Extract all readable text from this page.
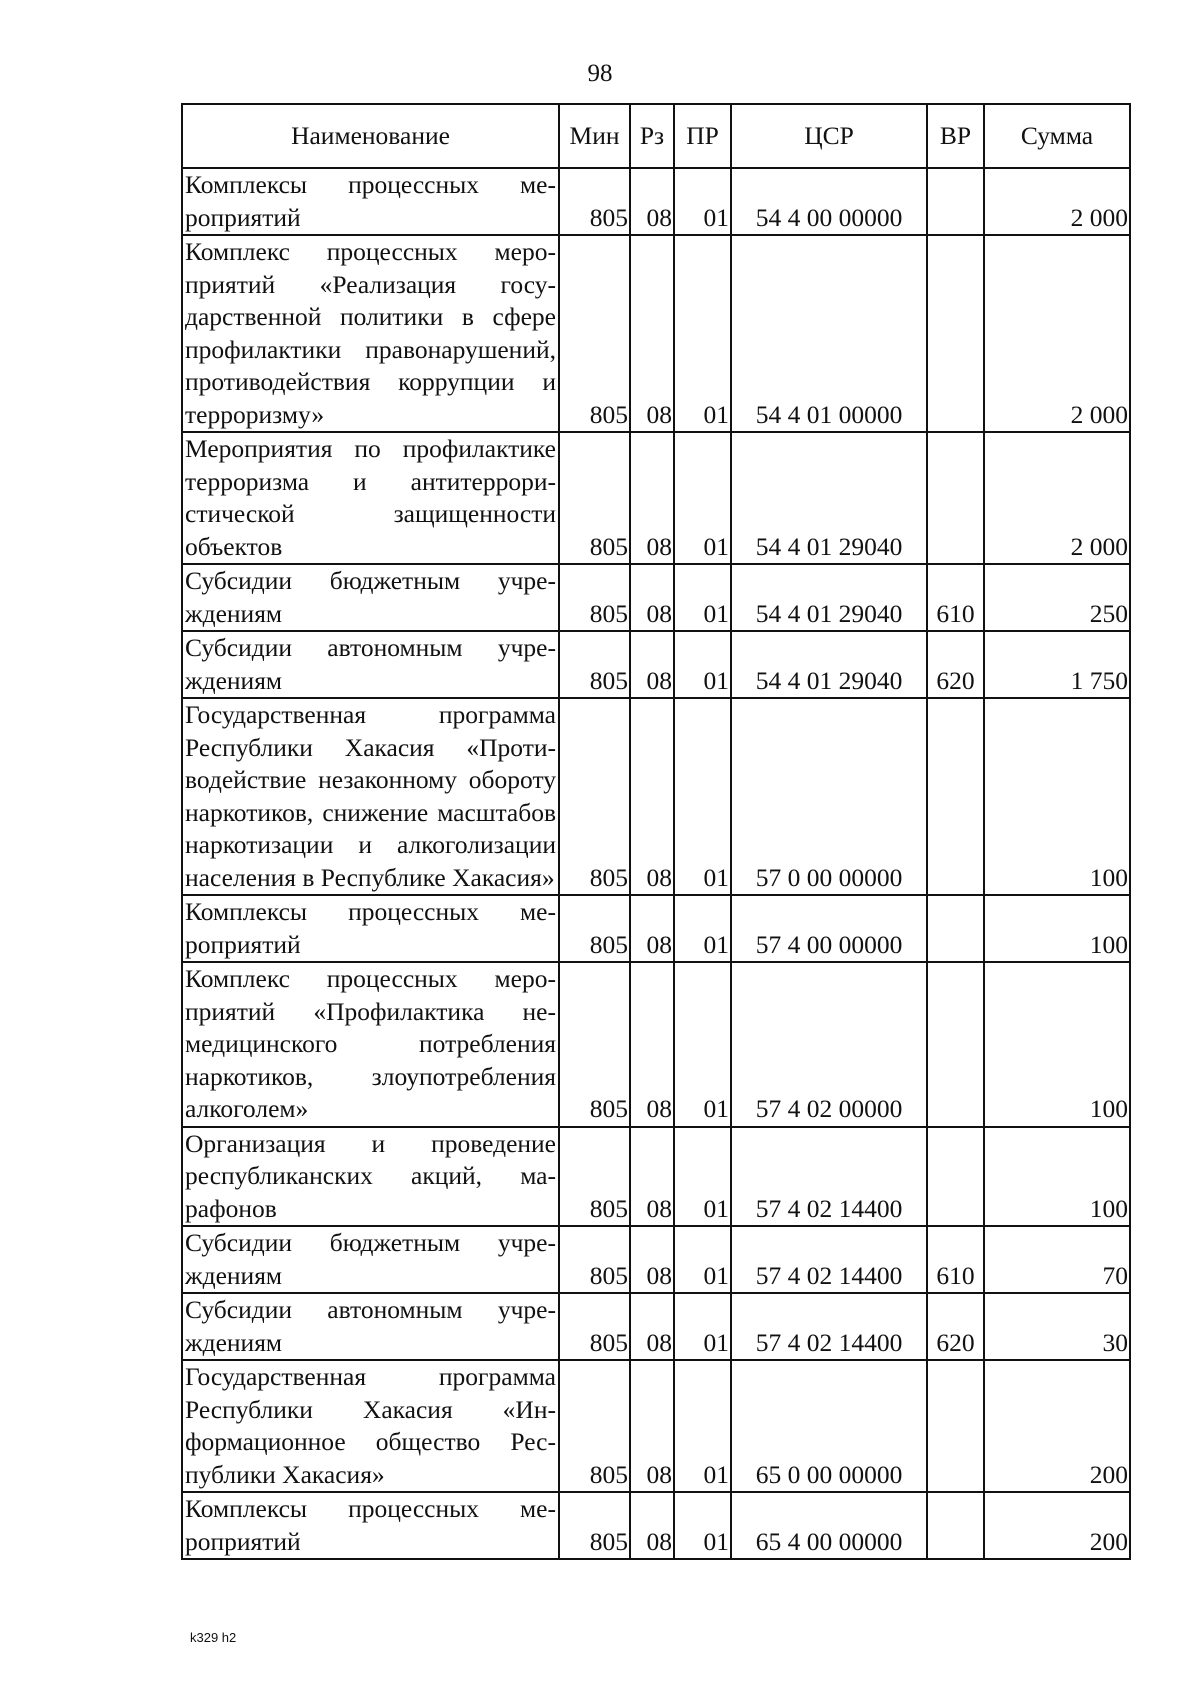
98
Наименование	Мин	Рз	ПР	ЦСР	ВР	Сумма
Комплексы процессных мероприятий	805	08	01	54 4 00 00000		2 000
Комплекс процессных мероприятий «Реализация государственной политики в сфере профилактики правонарушений, противодействия коррупции и терроризму»	805	08	01	54 4 01 00000		2 000
Мероприятия по профилактике терроризма и антитеррористической защищенности объектов	805	08	01	54 4 01 29040		2 000
Субсидии бюджетным учреждениям	805	08	01	54 4 01 29040	610	250
Субсидии автономным учреждениям	805	08	01	54 4 01 29040	620	1 750
Государственная программа Республики Хакасия «Противодействие незаконному обороту наркотиков, снижение масштабов наркотизации и алкоголизации населения в Республике Хакасия»	805	08	01	57 0 00 00000		100
Комплексы процессных мероприятий	805	08	01	57 4 00 00000		100
Комплекс процессных мероприятий «Профилактика немедицинского потребления наркотиков, злоупотребления алкоголем»	805	08	01	57 4 02 00000		100
Организация и проведение республиканских акций, марафонов	805	08	01	57 4 02 14400		100
Субсидии бюджетным учреждениям	805	08	01	57 4 02 14400	610	70
Субсидии автономным учреждениям	805	08	01	57 4 02 14400	620	30
Государственная программа Республики Хакасия «Информационное общество Республики Хакасия»	805	08	01	65 0 00 00000		200
Комплексы процессных мероприятий	805	08	01	65 4 00 00000		200
k329 h2
